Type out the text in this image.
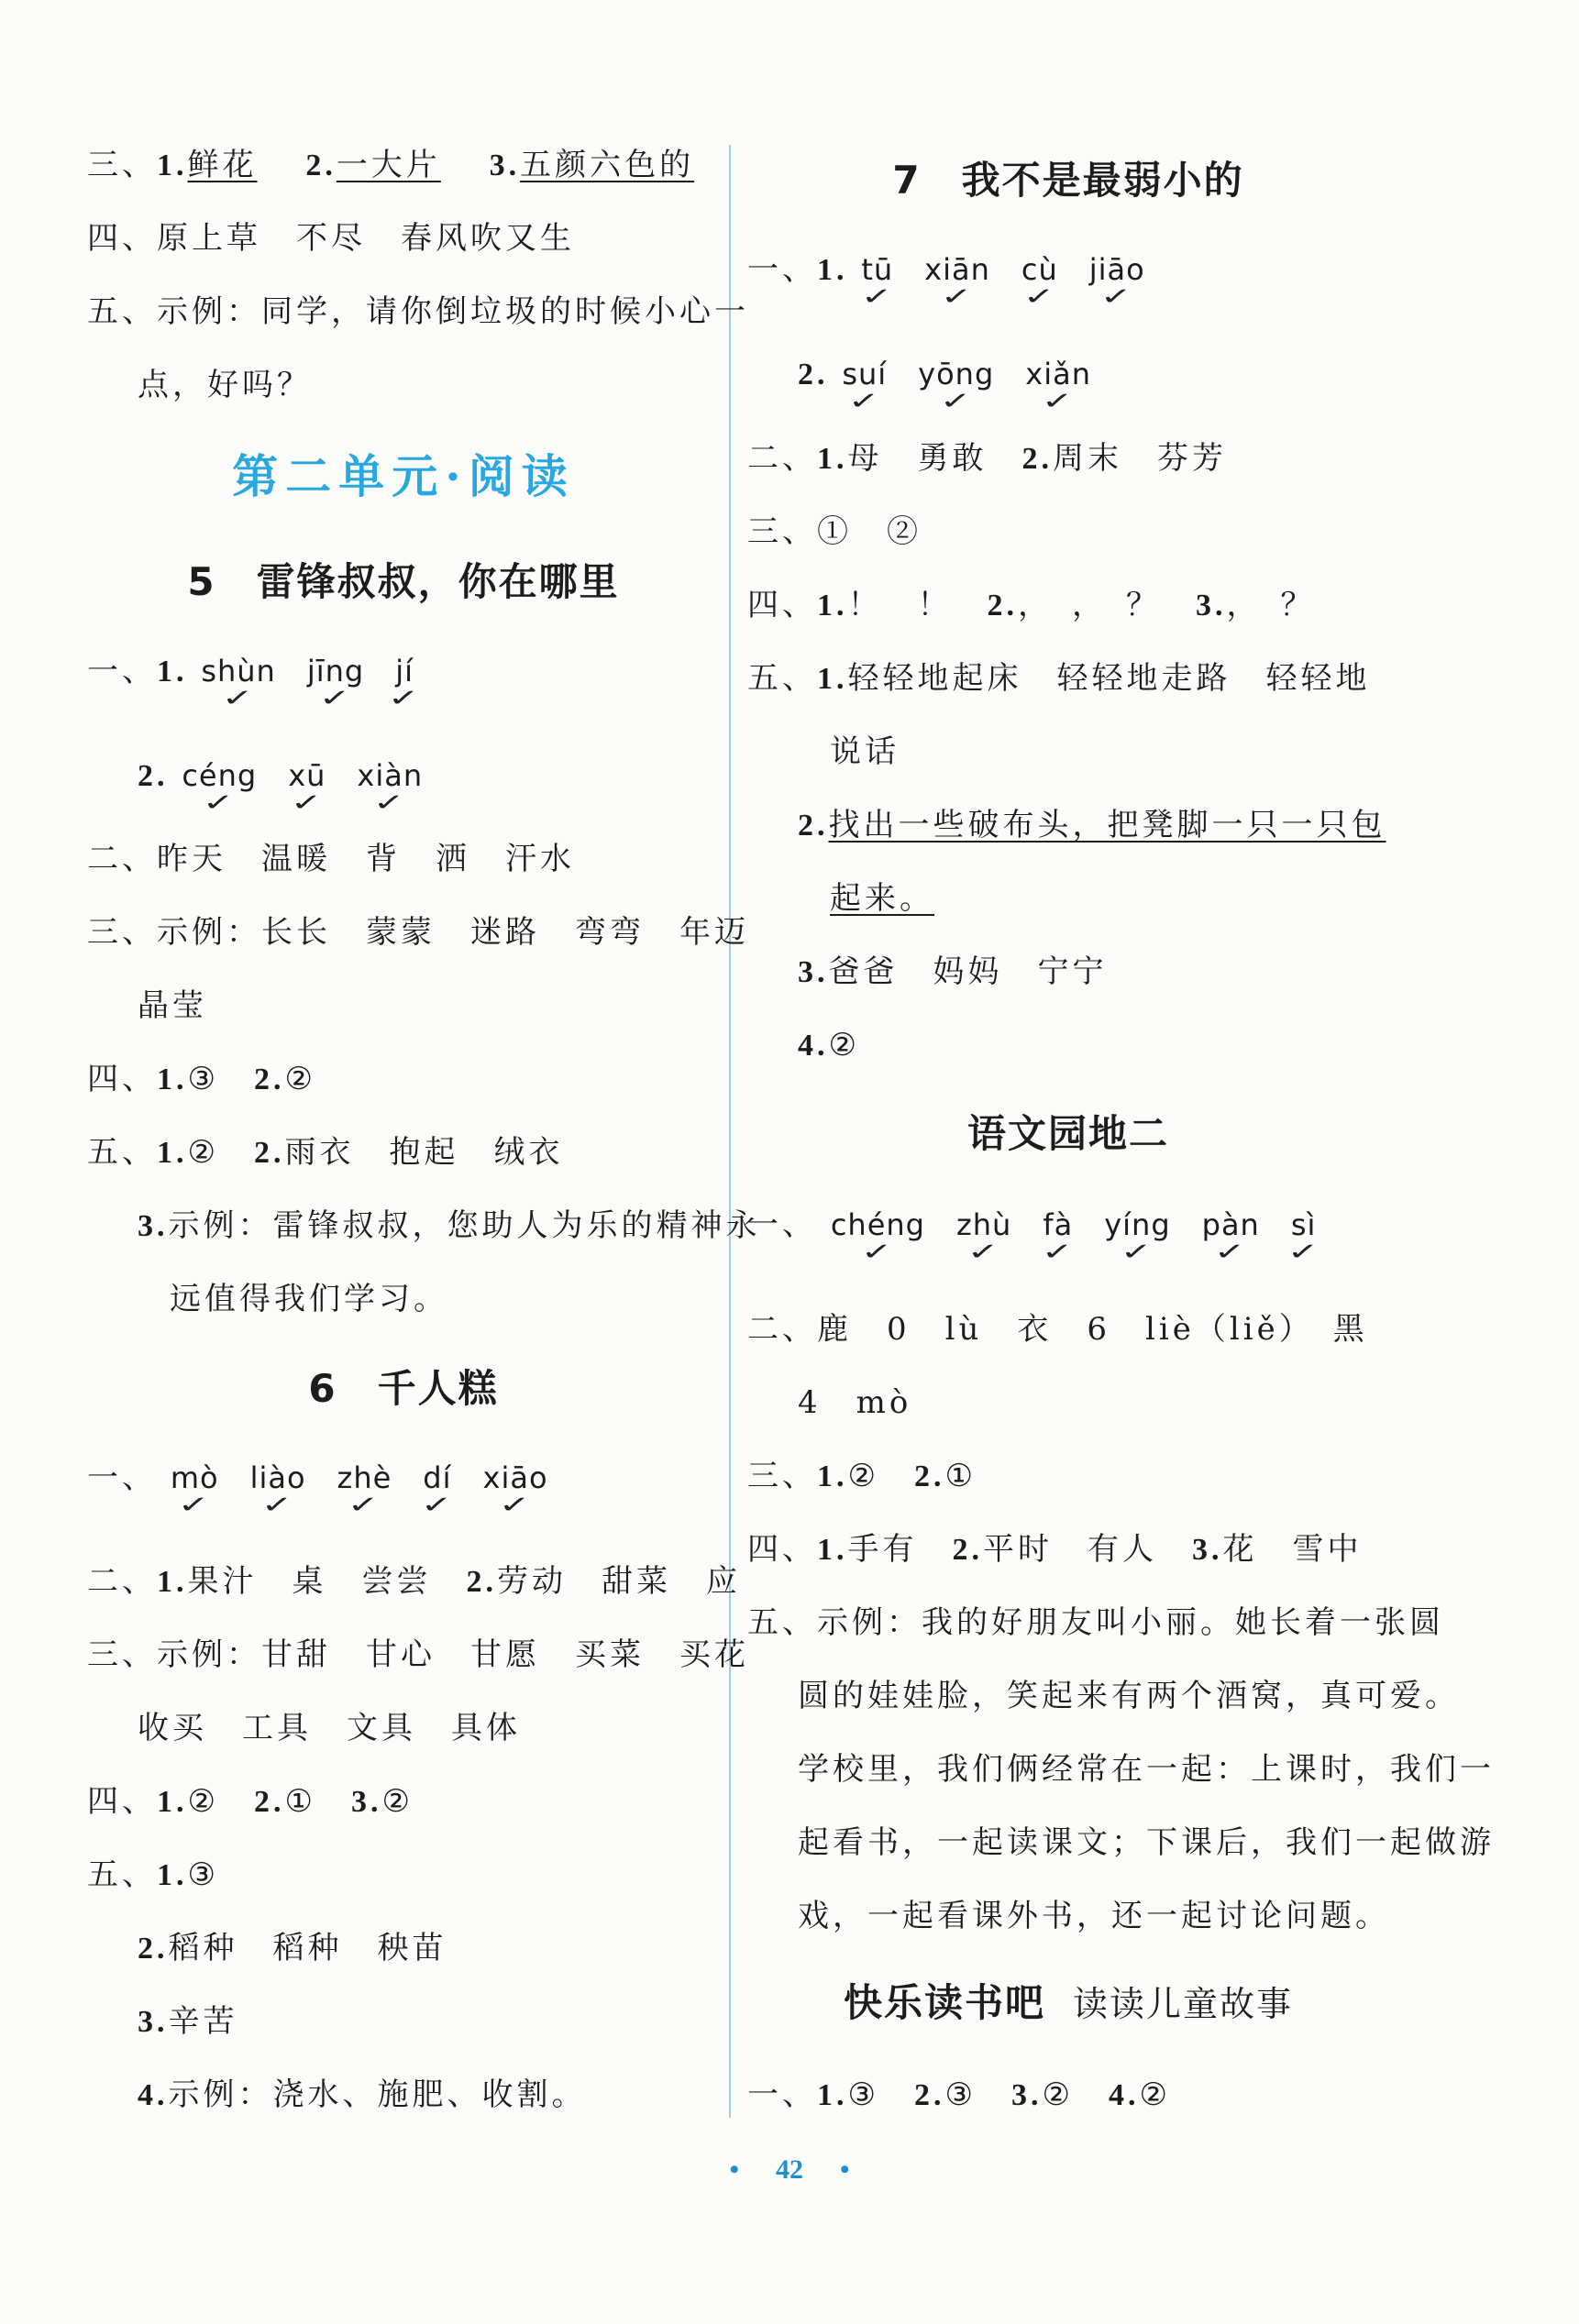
三、1.鲜花　 2.一大片　 3.五颜六色的
四、原上草　不尽　春风吹又生
五、示例：同学，请你倒垃圾的时候小心一
点，好吗？
第二单元·阅读
5　雷锋叔叔，你在哪里
一、1. shùn ✓ jīng ✓ jí ✓
2. céng ✓ xū ✓ xiàn ✓
二、昨天　温暖　背　洒　汗水
三、示例：长长　蒙蒙　迷路　弯弯　年迈
晶莹
四、1.③　 2.②
五、1.②　 2.雨衣　抱起　绒衣
3.示例：雷锋叔叔，您助人为乐的精神永
远值得我们学习。
6　千人糕
一、 mò ✓ liào ✓ zhè ✓ dí ✓ xiāo ✓
二、1.果汁　桌　尝尝　 2.劳动　甜菜　应
三、示例：甘甜　甘心　甘愿　买菜　买花
收买　工具　文具　具体
四、1.②　 2.①　 3.②
五、1.③
2.稻种　稻种　秧苗
3.辛苦
4.示例：浇水、施肥、收割。
7　我不是最弱小的
一、1. tū ✓ xiān ✓ cù ✓ jiāo ✓
2. suí ✓ yōng ✓ xiǎn ✓
二、1.母　勇敢　 2.周末　芬芳
三、①　②
四、1.！　！　 2.，　，　？　 3.，　？
五、1.轻轻地起床　轻轻地走路　轻轻地
说话
2.找出一些破布头，把凳脚一只一只包
起来。
3.爸爸　妈妈　宁宁
4.②
语文园地二
一、 chéng ✓ zhù ✓ fà ✓ yíng ✓ pàn ✓ sì ✓
二、鹿　0　lù　衣　6　liè（liě）　黑
4　mò
三、1.②　 2.①
四、1.手有　 2.平时　有人　 3.花　雪中
五、示例：我的好朋友叫小丽。她长着一张圆
圆的娃娃脸，笑起来有两个酒窝，真可爱。
学校里，我们俩经常在一起：上课时，我们一
起看书，一起读课文；下课后，我们一起做游
戏，一起看课外书，还一起讨论问题。
快乐读书吧 读读儿童故事
一、1.③　 2.③　 3.②　 4.②
• 42 •
